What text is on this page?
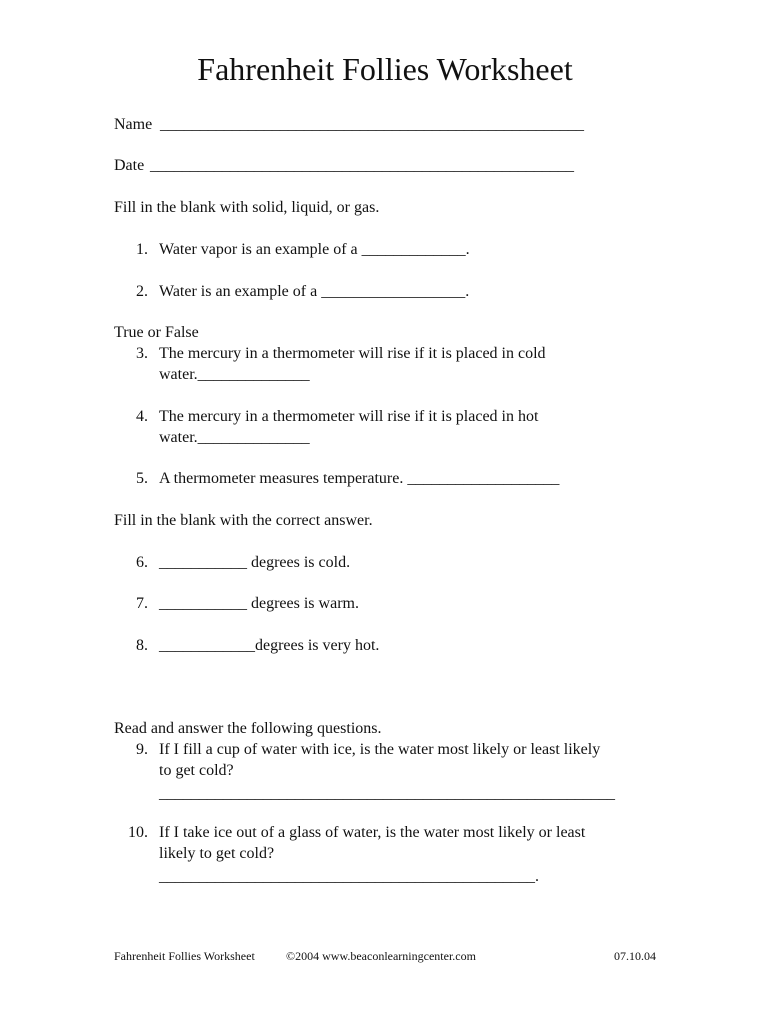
Fahrenheit Follies Worksheet
Name _____________________________________________________
Date _____________________________________________________
Fill in the blank with solid, liquid, or gas.
1. Water vapor is an example of a _____________.
2. Water is an example of a __________________.
True or False
3. The mercury in a thermometer will rise if it is placed in cold
water.______________
4. The mercury in a thermometer will rise if it is placed in hot
water.______________
5. A thermometer measures temperature. ___________________
Fill in the blank with the correct answer.
6. ___________ degrees is cold.
7. ___________ degrees is warm.
8. ____________degrees is very hot.
Read and answer the following questions.
9. If I fill a cup of water with ice, is the water most likely or least likely
to get cold?
_________________________________________________________
10. If I take ice out of a glass of water, is the water most likely or least
likely to get cold?
_______________________________________________.
Fahrenheit Follies Worksheet	©2004 www.beaconlearningcenter.com	07.10.04
